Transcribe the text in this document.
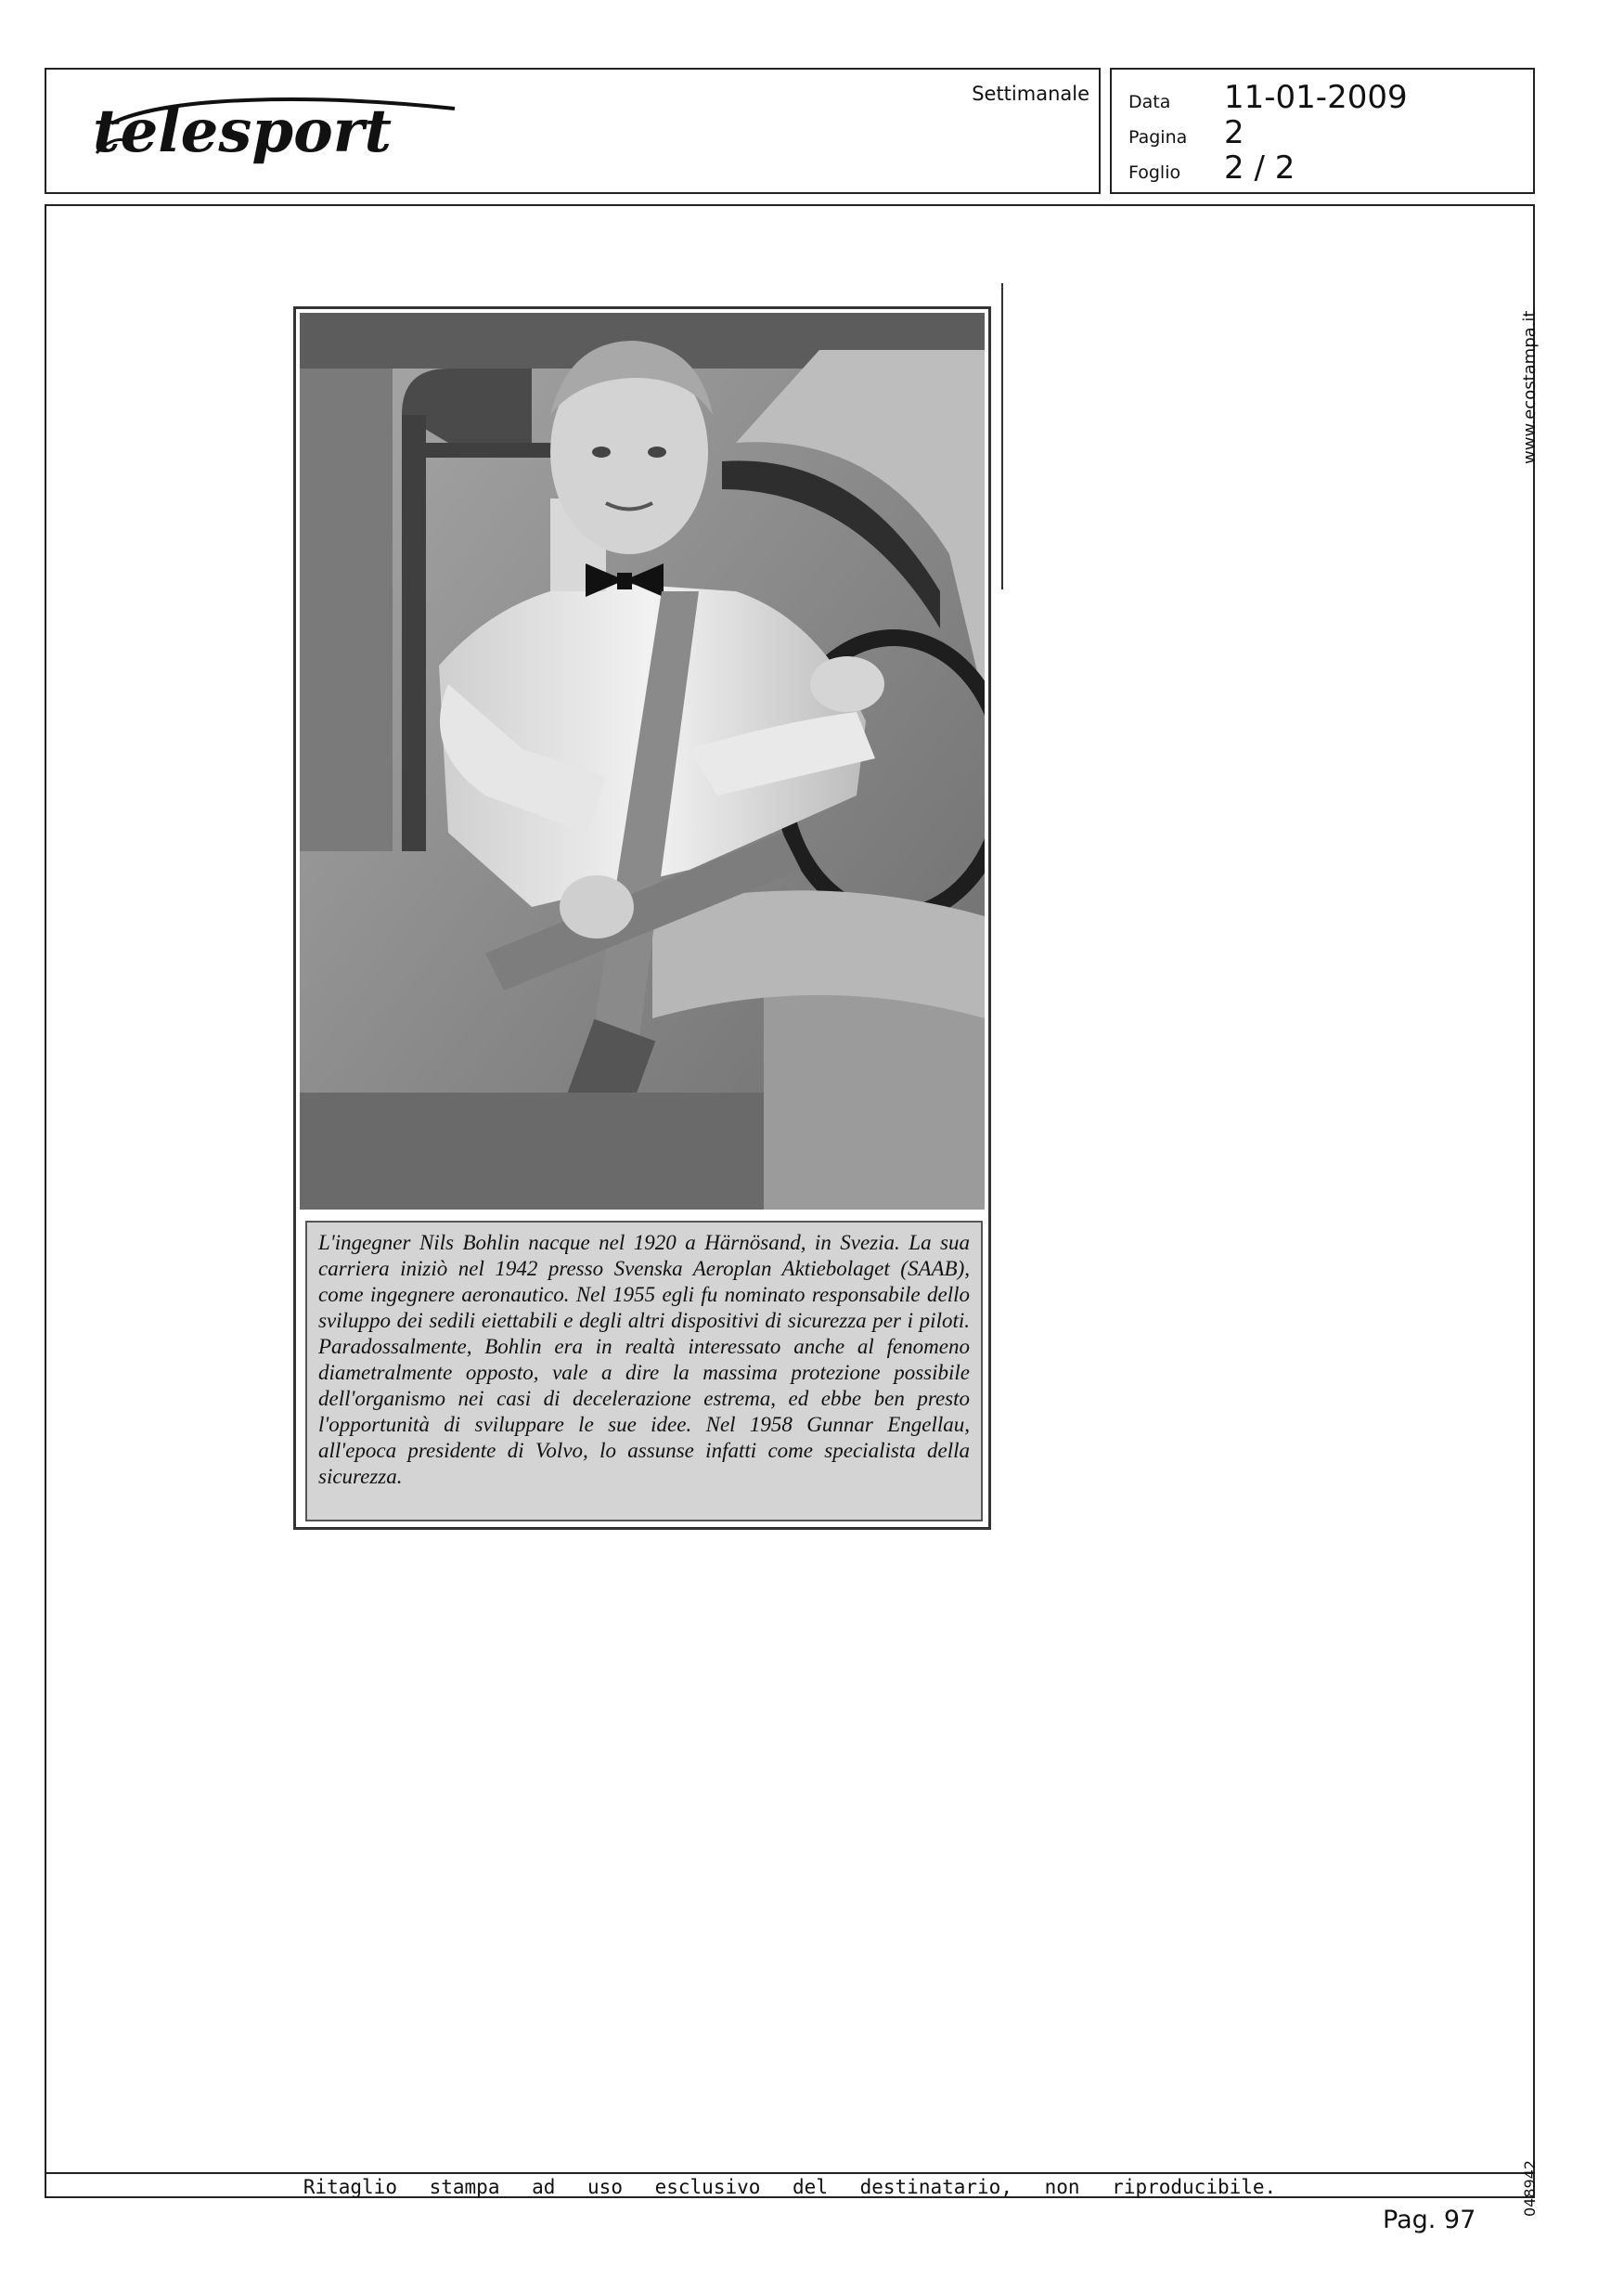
telesport
Settimanale Data	11-01-2009
Pagina	2
Foglio	2 / 2
Ritaglio stampa ad uso esclusivo del destinatario, non riproducibile.
L'ingegner Nils Bohlin nacque nel 1920 a Härnösand, in Svezia. La sua carriera iniziò nel 1942 presso Svenska Aeroplan Aktiebolaget (SAAB), come ingegnere aeronautico. Nel 1955 egli fu nominato responsabile dello sviluppo dei sedili eiettabili e degli altri dispositivi di sicurezza per i piloti. Paradossalmente, Bohlin era in realtà interessato anche al fenomeno diametralmente opposto, vale a dire la massima protezione possibile dell'organismo nei casi di decelerazione estrema, ed ebbe ben presto l'opportunità di sviluppare le sue idee. Nel 1958 Gunnar Engellau, all'epoca presidente di Volvo, lo assunse infatti come specialista della sicurezza.
www.ecostampa.it
048942
Pag. 97
